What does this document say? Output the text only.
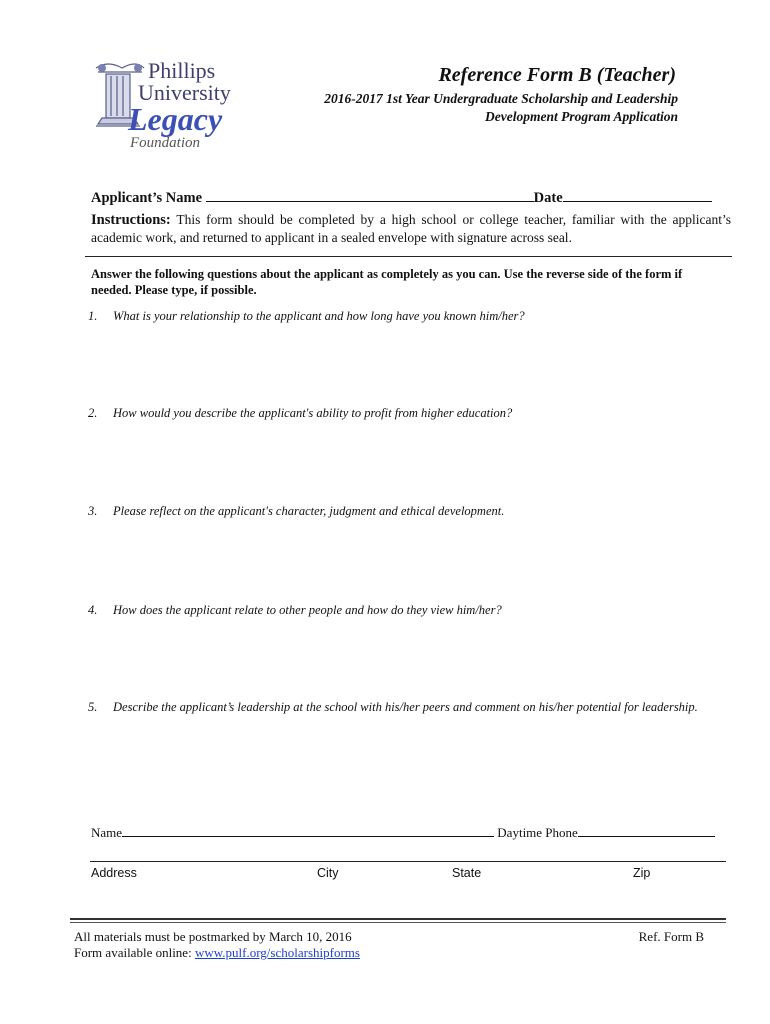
Phillips
University
Legacy
Foundation
Reference Form B (Teacher)
2016-2017 1st Year Undergraduate Scholarship and Leadership Development Program Application
Applicant’s Name	Date
Instructions: This form should be completed by a high school or college teacher, familiar with the applicant’s academic work, and returned to applicant in a sealed envelope with signature across seal.
Answer the following questions about the applicant as completely as you can. Use the reverse side of the form if needed. Please type, if possible.
1.	What is your relationship to the applicant and how long have you known him/her?
2.	How would you describe the applicant's ability to profit from higher education?
3.	Please reflect on the applicant's character, judgment and ethical development.
4.	How does the applicant relate to other people and how do they view him/her?
5.	Describe the applicant’s leadership at the school with his/her peers and comment on his/her potential for leadership.
Name	Daytime Phone
Address	City	State	Zip
All materials must be postmarked by March 10, 2016
Form available online: www.pulf.org/scholarshipforms
Ref. Form B
